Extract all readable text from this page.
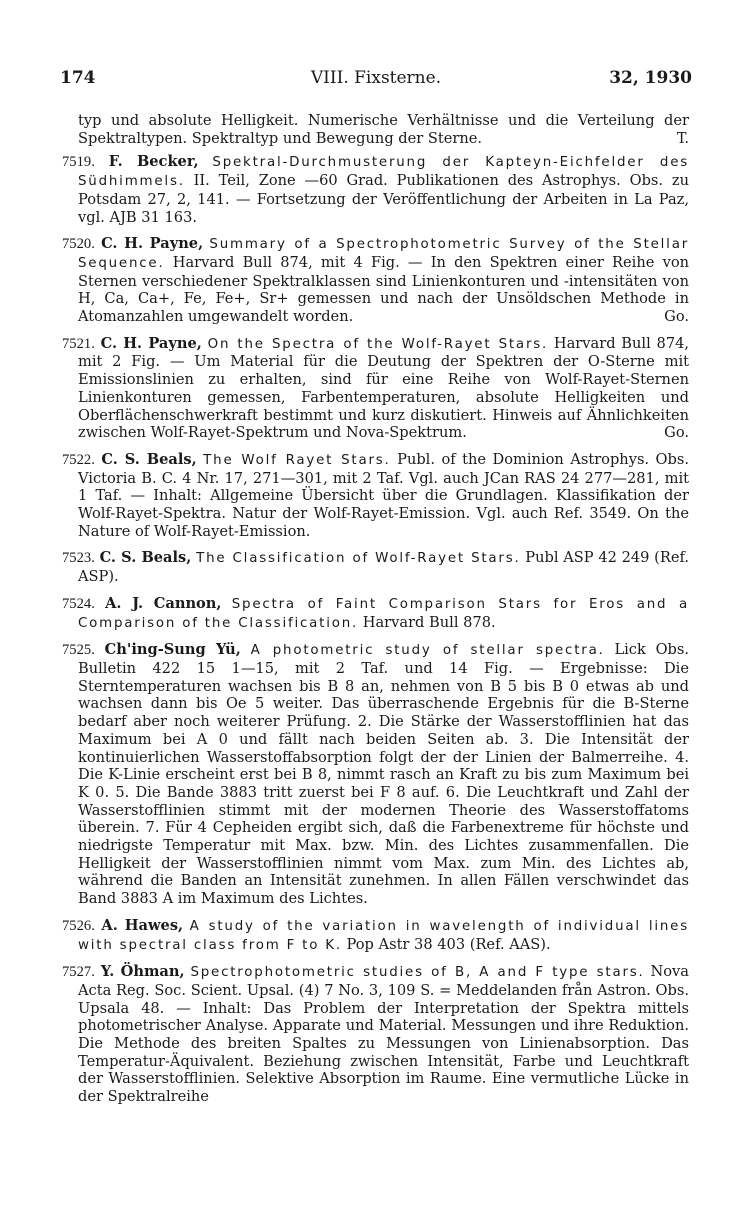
174	VIII. Fixsterne.	32, 1930

typ und absolute Helligkeit. Numerische Verhältnisse und die Verteilung der Spektraltypen. Spektraltyp und Bewegung der Sterne.	T.

7519. F. Becker, Spektral-Durchmusterung der Kapteyn-Eichfelder des Südhimmels. II. Teil, Zone —60 Grad. Publikationen des Astrophys. Obs. zu Potsdam 27, 2, 141. — Fortsetzung der Veröffentlichung der Arbeiten in La Paz, vgl. AJB 31 163.

7520. C. H. Payne, Summary of a Spectrophotometric Survey of the Stellar Sequence. Harvard Bull 874, mit 4 Fig. — In den Spektren einer Reihe von Sternen verschiedener Spektralklassen sind Linienkonturen und -intensitäten von H, Ca, Ca+, Fe, Fe+, Sr+ gemessen und nach der Unsöldschen Methode in Atomanzahlen umgewandelt worden.	Go.

7521. C. H. Payne, On the Spectra of the Wolf-Rayet Stars. Harvard Bull 874, mit 2 Fig. — Um Material für die Deutung der Spektren der O-Sterne mit Emissionslinien zu erhalten, sind für eine Reihe von Wolf-Rayet-Sternen Linienkonturen gemessen, Farbentemperaturen, absolute Helligkeiten und Oberflächenschwerkraft bestimmt und kurz diskutiert. Hinweis auf Ähnlichkeiten zwischen Wolf-Rayet-Spektrum und Nova-Spektrum.	Go.

7522. C. S. Beals, The Wolf Rayet Stars. Publ. of the Dominion Astrophys. Obs. Victoria B. C. 4 Nr. 17, 271—301, mit 2 Taf. Vgl. auch JCan RAS 24 277—281, mit 1 Taf. — Inhalt: Allgemeine Übersicht über die Grundlagen. Klassifikation der Wolf-Rayet-Spektra. Natur der Wolf-Rayet-Emission. Vgl. auch Ref. 3549. On the Nature of Wolf-Rayet-Emission.

7523. C. S. Beals, The Classification of Wolf-Rayet Stars. Publ ASP 42 249 (Ref. ASP).

7524. A. J. Cannon, Spectra of Faint Comparison Stars for Eros and a Comparison of the Classification. Harvard Bull 878.

7525. Ch'ing-Sung Yü, A photometric study of stellar spectra. Lick Obs. Bulletin 422 15 1—15, mit 2 Taf. und 14 Fig. — Ergebnisse: Die Sterntemperaturen wachsen bis B 8 an, nehmen von B 5 bis B 0 etwas ab und wachsen dann bis Oe 5 weiter. Das überraschende Ergebnis für die B-Sterne bedarf aber noch weiterer Prüfung. 2. Die Stärke der Wasserstofflinien hat das Maximum bei A 0 und fällt nach beiden Seiten ab. 3. Die Intensität der kontinuierlichen Wasserstoffabsorption folgt der der Linien der Balmerreihe. 4. Die K-Linie erscheint erst bei B 8, nimmt rasch an Kraft zu bis zum Maximum bei K 0. 5. Die Bande 3883 tritt zuerst bei F 8 auf. 6. Die Leuchtkraft und Zahl der Wasserstofflinien stimmt mit der modernen Theorie des Wasserstoffatoms überein. 7. Für 4 Cepheiden ergibt sich, daß die Farbenextreme für höchste und niedrigste Temperatur mit Max. bzw. Min. des Lichtes zusammenfallen. Die Helligkeit der Wasserstofflinien nimmt vom Max. zum Min. des Lichtes ab, während die Banden an Intensität zunehmen. In allen Fällen verschwindet das Band 3883 A im Maximum des Lichtes.

7526. A. Hawes, A study of the variation in wavelength of individual lines with spectral class from F to K. Pop Astr 38 403 (Ref. AAS).

7527. Y. Öhman, Spectrophotometric studies of B, A and F type stars. Nova Acta Reg. Soc. Scient. Upsal. (4) 7 No. 3, 109 S. = Meddelanden från Astron. Obs. Upsala 48. — Inhalt: Das Problem der Interpretation der Spektra mittels photometrischer Analyse. Apparate und Material. Messungen und ihre Reduktion. Die Methode des breiten Spaltes zu Messungen von Linienabsorption. Das Temperatur-Äquivalent. Beziehung zwischen Intensität, Farbe und Leuchtkraft der Wasserstofflinien. Selektive Absorption im Raume. Eine vermutliche Lücke in der Spektralreihe
